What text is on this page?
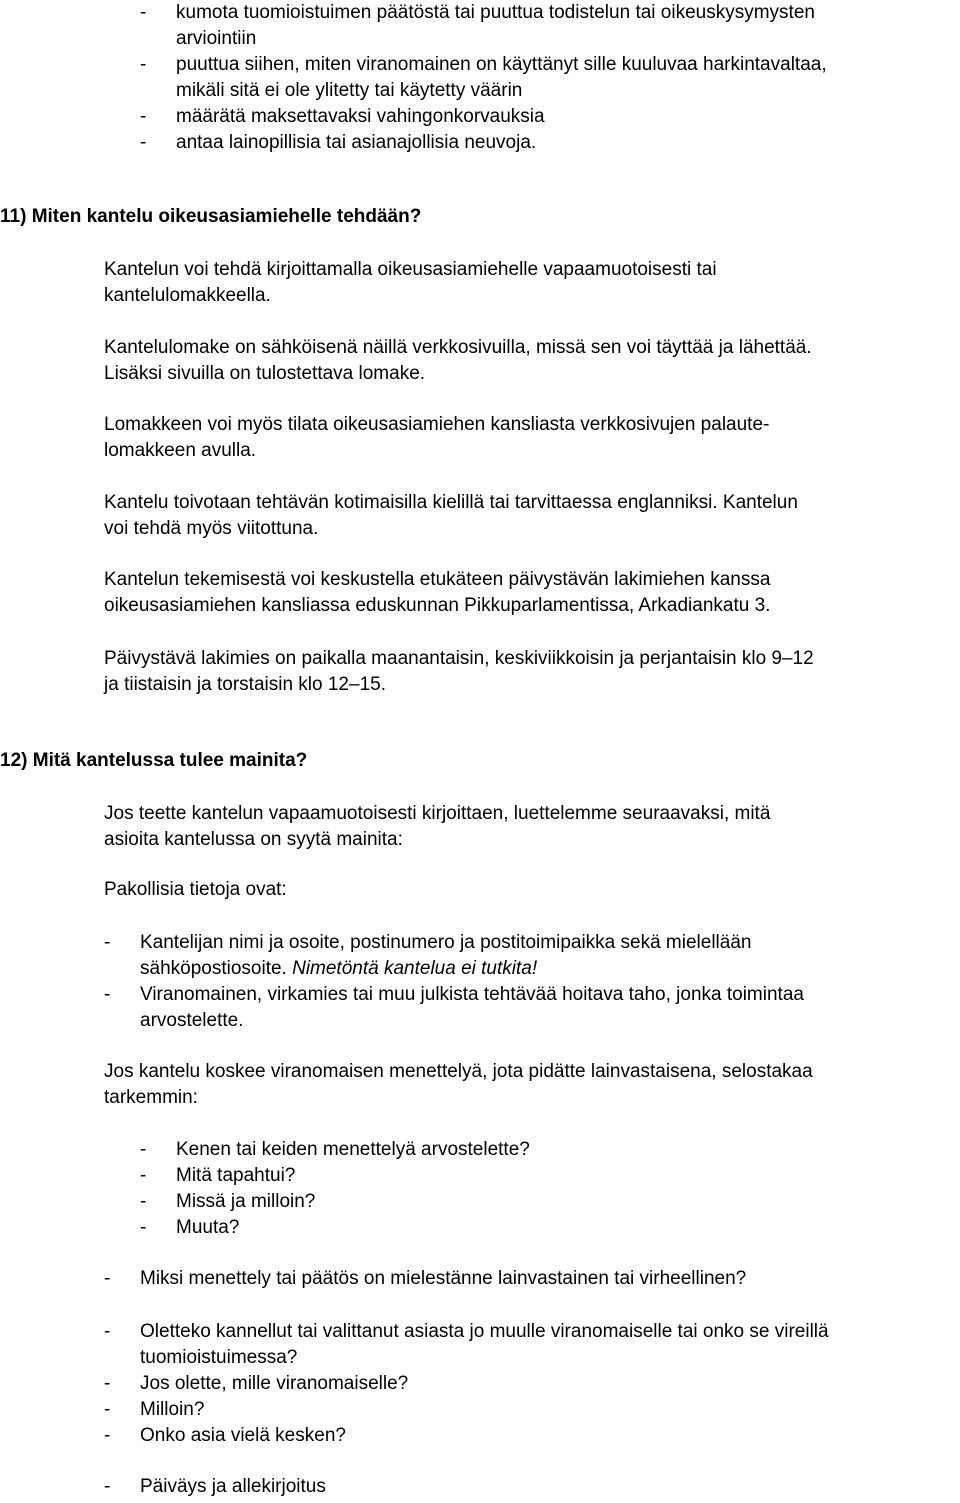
- kumota tuomioistuimen päätöstä tai puuttua todistelun tai oikeuskysymysten
arviointiin
- puuttua siihen, miten viranomainen on käyttänyt sille kuuluvaa harkintavaltaa,
mikäli sitä ei ole ylitetty tai käytetty väärin
- määrätä maksettavaksi vahingonkorvauksia
- antaa lainopillisia tai asianajollisia neuvoja.
11) Miten kantelu oikeusasiamiehelle tehdään?
Kantelun voi tehdä kirjoittamalla oikeusasiamiehelle vapaamuotoisesti tai
kantelulomakkeella.
Kantelulomake on sähköisenä näillä verkkosivuilla, missä sen voi täyttää ja lähettää.
Lisäksi sivuilla on tulostettava lomake.
Lomakkeen voi myös tilata oikeusasiamiehen kansliasta verkkosivujen palaute-
lomakkeen avulla.
Kantelu toivotaan tehtävän kotimaisilla kielillä tai tarvittaessa englanniksi. Kantelun
voi tehdä myös viitottuna.
Kantelun tekemisestä voi keskustella etukäteen päivystävän lakimiehen kanssa
oikeusasiamiehen kansliassa eduskunnan Pikkuparlamentissa, Arkadiankatu 3.
Päivystävä lakimies on paikalla maanantaisin, keskiviikkoisin ja perjantaisin klo 9–12
ja tiistaisin ja torstaisin klo 12–15.
12) Mitä kantelussa tulee mainita?
Jos teette kantelun vapaamuotoisesti kirjoittaen, luettelemme seuraavaksi, mitä
asioita kantelussa on syytä mainita:
Pakollisia tietoja ovat:
- Kantelijan nimi ja osoite, postinumero ja postitoimipaikka sekä mielellään
sähköpostiosoite. Nimetöntä kantelua ei tutkita!
- Viranomainen, virkamies tai muu julkista tehtävää hoitava taho, jonka toimintaa
arvostelette.
Jos kantelu koskee viranomaisen menettelyä, jota pidätte lainvastaisena, selostakaa
tarkemmin:
- Kenen tai keiden menettelyä arvostelette?
- Mitä tapahtui?
- Missä ja milloin?
- Muuta?
- Miksi menettely tai päätös on mielestänne lainvastainen tai virheellinen?
- Oletteko kannellut tai valittanut asiasta jo muulle viranomaiselle tai onko se vireillä
tuomioistuimessa?
- Jos olette, mille viranomaiselle?
- Milloin?
- Onko asia vielä kesken?
- Päiväys ja allekirjoitus
